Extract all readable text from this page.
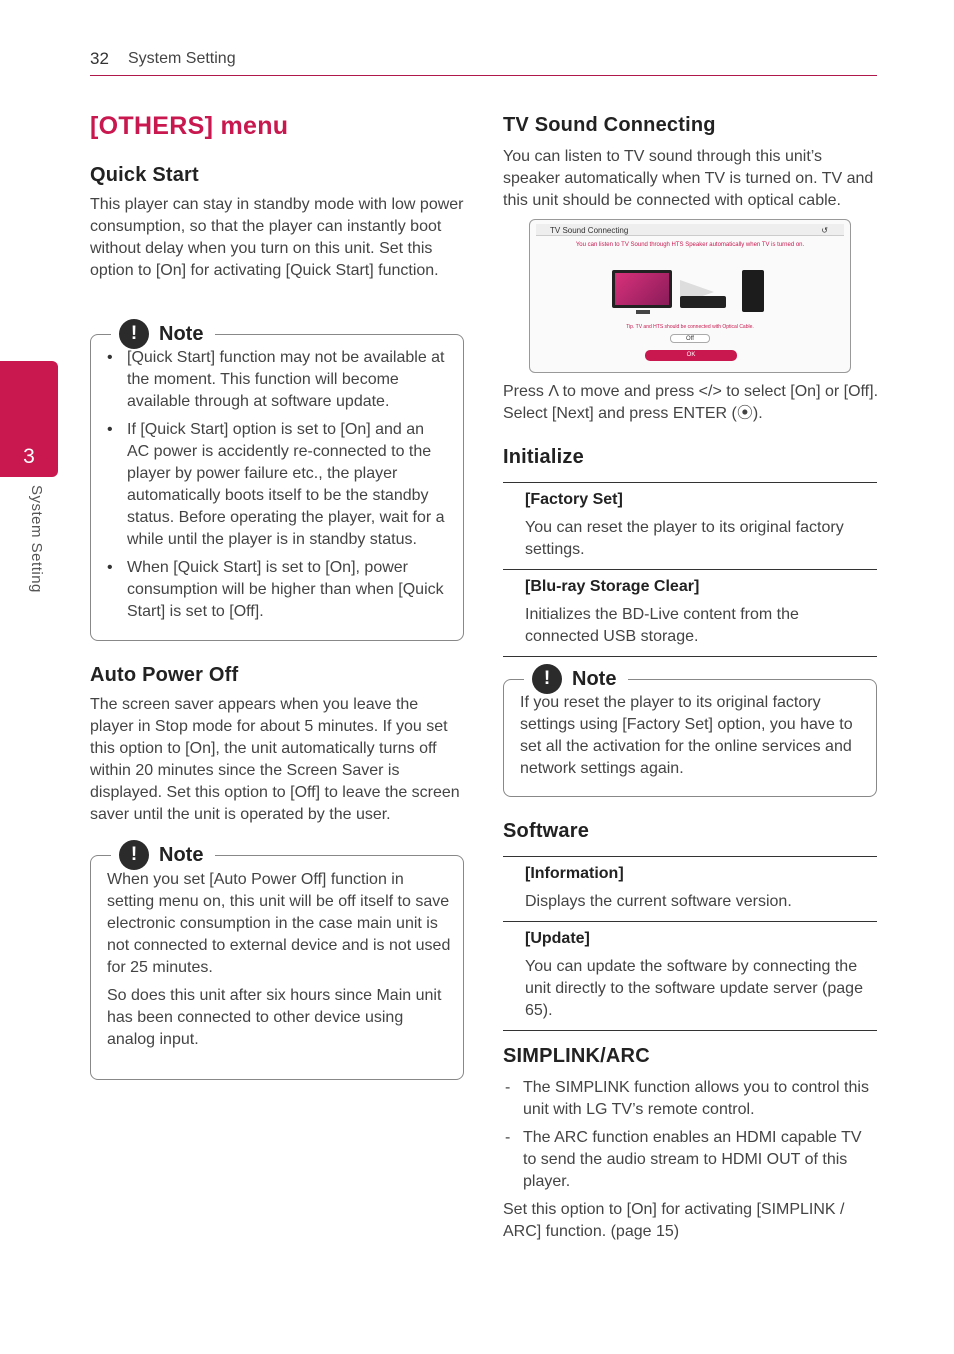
32 System Setting
3
System Setting
[OTHERS] menu
Quick Start

This player can stay in standby mode with low power consumption, so that the player can instantly boot without delay when you turn on this unit. Set this option to [On] for activating [Quick Start] function.

!	Note
• [Quick Start] function may not be available at the moment. This function will become available through at software update.
• If [Quick Start] option is set to [On] and an AC power is accidently re-connected to the player by power failure etc., the player automatically boots itself to be the standby status. Before operating the player, wait for a while until the player is in standby status.
• When [Quick Start] is set to [On], power consumption will be higher than when [Quick Start] is set to [Off].
Auto Power Off

The screen saver appears when you leave the player in Stop mode for about 5 minutes. If you set this option to [On], the unit automatically turns off within 20 minutes since the Screen Saver is displayed. Set this option to [Off] to leave the screen saver until the unit is operated by the user.

!	Note

When you set [Auto Power Off] function in setting menu on, this unit will be off itself to save electronic consumption in the case main unit is not connected to external device and is not used for 25 minutes.

So does this unit after six hours since Main unit has been connected to other device using analog input.

TV Sound Connecting

You can listen to TV sound through this unit’s speaker automatically when TV is turned on. TV and this unit should be connected with optical cable.

TV Sound Connecting	↺
You can listen to TV Sound through HTS Speaker automatically when TV is turned on.
Tip. TV and HTS should be connected with Optical Cable.
Off
OK

Press Λ to move and press </> to select [On] or [Off]. Select [Next] and press ENTER (⦿).

Initialize
[Factory Set]
You can reset the player to its original factory settings.
[Blu-ray Storage Clear]
Initializes the BD-Live content from the connected USB storage.
!	Note

If you reset the player to its original factory settings using [Factory Set] option, you have to set all the activation for the online services and network settings again.

Software
[Information]
Displays the current software version.
[Update]
You can update the software by connecting the unit directly to the software update server (page 65).
SIMPLINK/ARC
- The SIMPLINK function allows you to control this unit with LG TV’s remote control.
- The ARC function enables an HDMI capable TV to send the audio stream to HDMI OUT of this player.

Set this option to [On] for activating [SIMPLINK / ARC] function. (page 15)
